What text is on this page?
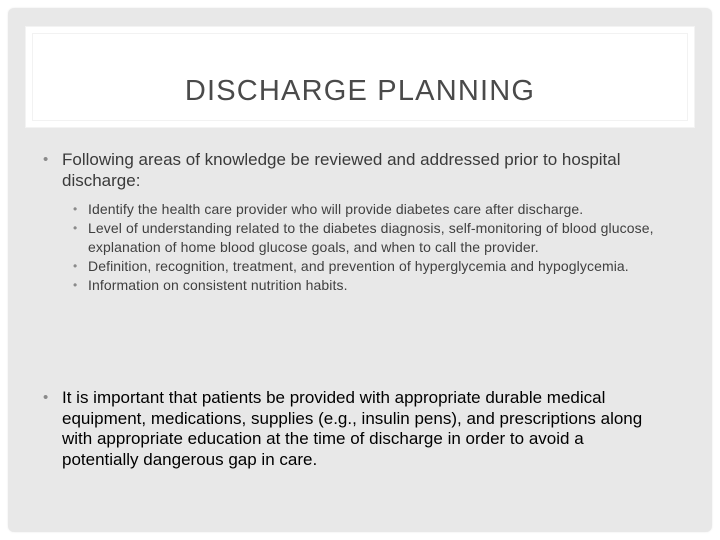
DISCHARGE PLANNING
• Following areas of knowledge be reviewed and addressed prior to hospital discharge:
• Identify the health care provider who will provide diabetes care after discharge.
• Level of understanding related to the diabetes diagnosis, self-monitoring of blood glucose, explanation of home blood glucose goals, and when to call the provider.
• Definition, recognition, treatment, and prevention of hyperglycemia and hypoglycemia.
• Information on consistent nutrition habits.
• It is important that patients be provided with appropriate durable medical equipment, medications, supplies (e.g., insulin pens), and prescriptions along with appropriate education at the time of discharge in order to avoid a potentially dangerous gap in care.
